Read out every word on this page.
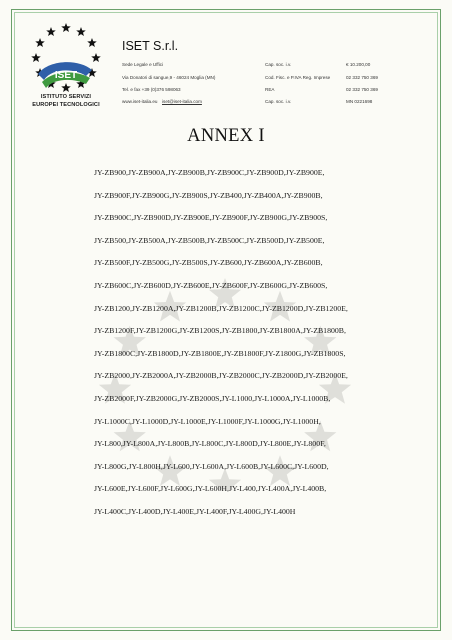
ISET
ISTITUTO SERVIZI
EUROPEI TECNOLOGICI
ISET S.r.l.
Sede Legale e Uffici
Via Donatori di sangue,9 - 46024 Moglia (MN)
Tel. e fax +39 (0)376 598063
www.iset-italia.eu iset@iset-italia.com
Cap. soc. i.v.
Cod. Fisc. e P.IVA Reg. Imprese
REA
Cap. soc. i.v.
€ 10.200,00
02 332 750 369
02 332 750 369
MN 0221698
ANNEX I
JY-ZB900,JY-ZB900A,JY-ZB900B,JY-ZB900C,JY-ZB900D,JY-ZB900E,
JY-ZB900F,JY-ZB900G,JY-ZB900S,JY-ZB400,JY-ZB400A,JY-ZB900B,
JY-ZB900C,JY-ZB900D,JY-ZB900E,JY-ZB900F,JY-ZB900G,JY-ZB900S,
JY-ZB500,JY-ZB500A,JY-ZB500B,JY-ZB500C,JY-ZB500D,JY-ZB500E,
JY-ZB500F,JY-ZB500G,JY-ZB500S,JY-ZB600,JY-ZB600A,JY-ZB600B,
JY-ZB600C,JY-ZB600D,JY-ZB600E,JY-ZB600F,JY-ZB600G,JY-ZB600S,
JY-ZB1200,JY-ZB1200A,JY-ZB1200B,JY-ZB1200C,JY-ZB1200D,JY-ZB1200E,
JY-ZB1200F,JY-ZB1200G,JY-ZB1200S,JY-ZB1800,JY-ZB1800A,JY-ZB1800B,
JY-ZB1800C,JY-ZB1800D,JY-ZB1800E,JY-ZB1800F,JY-Z1800G,JY-ZB1800S,
JY-ZB2000,JY-ZB2000A,JY-ZB2000B,JY-ZB2000C,JY-ZB2000D,JY-ZB2000E,
JY-ZB2000F,JY-ZB2000G,JY-ZB2000S,JY-L1000,JY-L1000A,JY-L1000B,
JY-L1000C,JY-L1000D,JY-L1000E,JY-L1000F,JY-L1000G,JY-L1000H,
JY-L800,JY-L800A,JY-L800B,JY-L800C,JY-L800D,JY-L800E,JY-L800F,
JY-L800G,JY-L800H,JY-L600,JY-L600A,JY-L600B,JY-L600C,JY-L600D,
JY-L600E,JY-L600F,JY-L600G,JY-L600H,JY-L400,JY-L400A,JY-L400B,
JY-L400C,JY-L400D,JY-L400E,JY-L400F,JY-L400G,JY-L400H
